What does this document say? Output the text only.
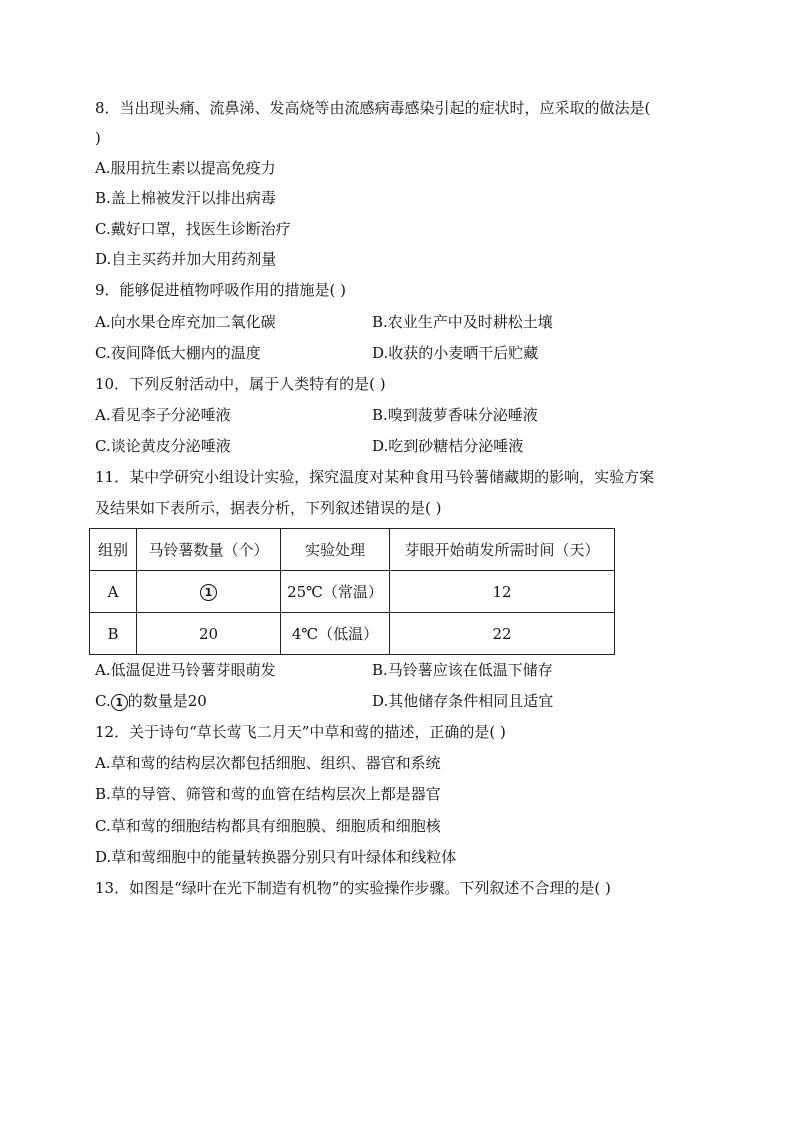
8．当出现头痛、流鼻涕、发高烧等由流感病毒感染引起的症状时，应采取的做法是(
)
A.服用抗生素以提高免疫力
B.盖上棉被发汗以排出病毒
C.戴好口罩，找医生诊断治疗
D.自主买药并加大用药剂量
9．能够促进植物呼吸作用的措施是( )
A.向水果仓库充加二氧化碳	B.农业生产中及时耕松土壤
C.夜间降低大棚内的温度	D.收获的小麦晒干后贮藏
10．下列反射活动中，属于人类特有的是( )
A.看见李子分泌唾液	B.嗅到菠萝香味分泌唾液
C.谈论黄皮分泌唾液	D.吃到砂糖桔分泌唾液
11．某中学研究小组设计实验，探究温度对某种食用马铃薯储藏期的影响，实验方案
及结果如下表所示，据表分析，下列叙述错误的是( )
组别	马铃薯数量（个）	实验处理	芽眼开始萌发所需时间（天）
A	1	25℃（常温）	12
B	20	4℃（低温）	22
A.低温促进马铃薯芽眼萌发	B.马铃薯应该在低温下储存
C. 1 的数量是20	D.其他储存条件相同且适宜
12．关于诗句“草长莺飞二月天”中草和莺的描述，正确的是( )
A.草和莺的结构层次都包括细胞、组织、器官和系统
B.草的导管、筛管和莺的血管在结构层次上都是器官
C.草和莺的细胞结构都具有细胞膜、细胞质和细胞核
D.草和莺细胞中的能量转换器分别只有叶绿体和线粒体
13．如图是“绿叶在光下制造有机物”的实验操作步骤。下列叙述不合理的是( )
